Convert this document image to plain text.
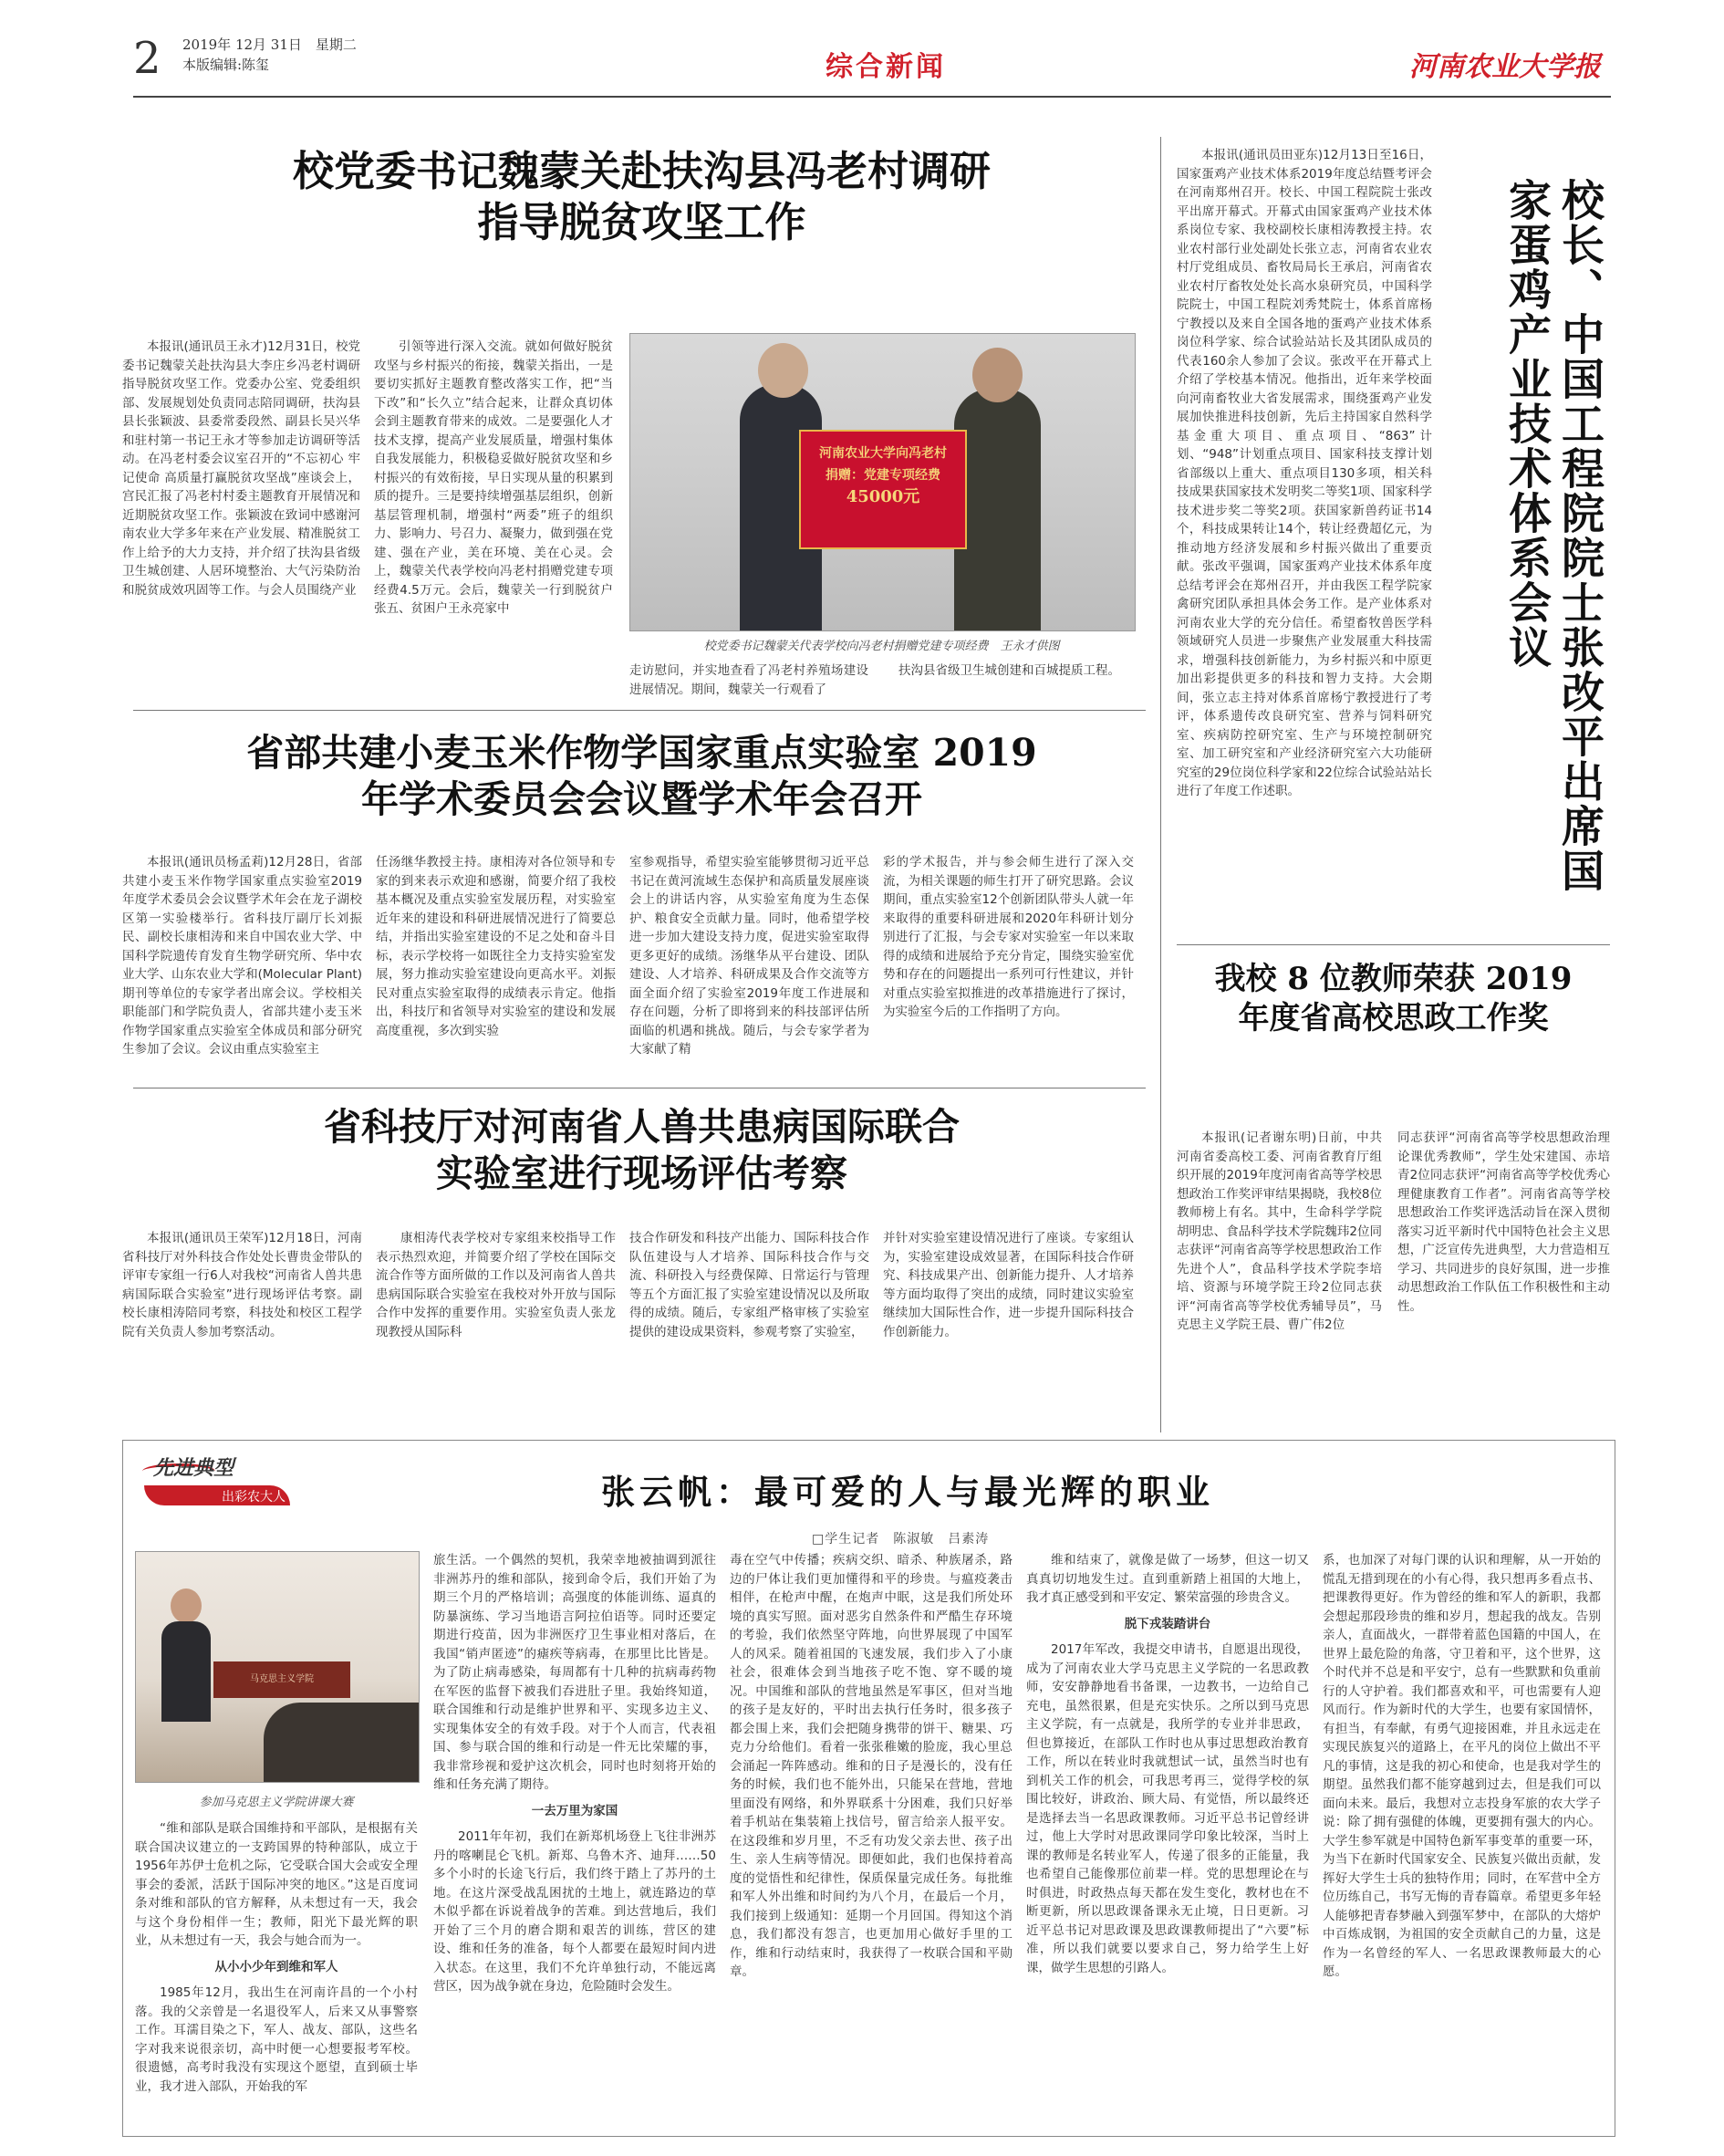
2 2019年 12月 31日　星期二
本版编辑:陈玺	综合新闻	河南农业大学报
校党委书记魏蒙关赴扶沟县冯老村调研
指导脱贫攻坚工作

本报讯(通讯员王永才)12月31日，校党委书记魏蒙关赴扶沟县大李庄乡冯老村调研指导脱贫攻坚工作。党委办公室、党委组织部、发展规划处负责同志陪同调研，扶沟县县长张颖波、县委常委段然、副县长吴兴华和驻村第一书记王永才等参加走访调研等活动。在冯老村委会议室召开的“不忘初心 牢记使命 高质量打赢脱贫攻坚战”座谈会上，宫民汇报了冯老村村委主题教育开展情况和近期脱贫攻坚工作。张颖波在致词中感谢河南农业大学多年来在产业发展、精准脱贫工作上给予的大力支持，并介绍了扶沟县省级卫生城创建、人居环境整治、大气污染防治和脱贫成效巩固等工作。与会人员围绕产业

引领等进行深入交流。就如何做好脱贫攻坚与乡村振兴的衔接，魏蒙关指出，一是要切实抓好主题教育整改落实工作，把“当下改”和“长久立”结合起来，让群众真切体会到主题教育带来的成效。二是要强化人才技术支撑，提高产业发展质量，增强村集体自我发展能力，积极稳妥做好脱贫攻坚和乡村振兴的有效衔接，早日实现从量的积累到质的提升。三是要持续增强基层组织，创新基层管理机制，增强村“两委”班子的组织力、影响力、号召力、凝聚力，做到强在党建、强在产业，美在环境、美在心灵。会上，魏蒙关代表学校向冯老村捐赠党建专项经费4.5万元。会后，魏蒙关一行到脱贫户张五、贫困户王永亮家中

河南农业大学向冯老村
捐赠：党建专项经费
45000元
校党委书记魏蒙关代表学校向冯老村捐赠党建专项经费　王永才供图

走访慰问，并实地查看了冯老村养殖场建设进展情况。期间，魏蒙关一行观看了

扶沟县省级卫生城创建和百城提质工程。

省部共建小麦玉米作物学国家重点实验室 2019
年学术委员会会议暨学术年会召开

本报讯(通讯员杨孟莉)12月28日，省部共建小麦玉米作物学国家重点实验室2019年度学术委员会会议暨学术年会在龙子湖校区第一实验楼举行。省科技厅副厅长刘振民、副校长康相涛和来自中国农业大学、中国科学院遗传育发育生物学研究所、华中农业大学、山东农业大学和(Molecular Plant)期刊等单位的专家学者出席会议。学校相关职能部门和学院负责人，省部共建小麦玉米作物学国家重点实验室全体成员和部分研究生参加了会议。会议由重点实验室主

任汤继华教授主持。康相涛对各位领导和专家的到来表示欢迎和感谢，简要介绍了我校基本概况及重点实验室发展历程，对实验室近年来的建设和科研进展情况进行了简要总结，并指出实验室建设的不足之处和奋斗目标，表示学校将一如既往全力支持实验室发展，努力推动实验室建设向更高水平。刘振民对重点实验室取得的成绩表示肯定。他指出，科技厅和省领导对实验室的建设和发展高度重视，多次到实验

室参观指导，希望实验室能够贯彻习近平总书记在黄河流域生态保护和高质量发展座谈会上的讲话内容，从实验室角度为生态保护、粮食安全贡献力量。同时，他希望学校进一步加大建设支持力度，促进实验室取得更多更好的成绩。汤继华从平台建设、团队建设、人才培养、科研成果及合作交流等方面全面介绍了实验室2019年度工作进展和存在问题，分析了即将到来的科技部评估所面临的机遇和挑战。随后，与会专家学者为大家献了精

彩的学术报告，并与参会师生进行了深入交流，为相关课题的师生打开了研究思路。会议期间，重点实验室12个创新团队带头人就一年来取得的重要科研进展和2020年科研计划分别进行了汇报，与会专家对实验室一年以来取得的成绩和进展给予充分肯定，围绕实验室优势和存在的问题提出一系列可行性建议，并针对重点实验室拟推进的改革措施进行了探讨，为实验室今后的工作指明了方向。

省科技厅对河南省人兽共患病国际联合
实验室进行现场评估考察

本报讯(通讯员王荣军)12月18日，河南省科技厅对外科技合作处处长曹贵金带队的评审专家组一行6人对我校“河南省人兽共患病国际联合实验室”进行现场评估考察。副校长康相涛陪同考察，科技处和校区工程学院有关负责人参加考察活动。

康相涛代表学校对专家组来校指导工作表示热烈欢迎，并简要介绍了学校在国际交流合作等方面所做的工作以及河南省人兽共患病国际联合实验室在我校对外开放与国际合作中发挥的重要作用。实验室负责人张龙现教授从国际科

技合作研发和科技产出能力、国际科技合作队伍建设与人才培养、国际科技合作与交流、科研投入与经费保障、日常运行与管理等五个方面汇报了实验室建设情况以及所取得的成绩。随后，专家组严格审核了实验室提供的建设成果资料，参观考察了实验室，

并针对实验室建设情况进行了座谈。专家组认为，实验室建设成效显著，在国际科技合作研究、科技成果产出、创新能力提升、人才培养等方面均取得了突出的成绩，同时建议实验室继续加大国际性合作，进一步提升国际科技合作创新能力。

本报讯(通讯员田亚东)12月13日至16日，国家蛋鸡产业技术体系2019年度总结暨考评会在河南郑州召开。校长、中国工程院院士张改平出席开幕式。开幕式由国家蛋鸡产业技术体系岗位专家、我校副校长康相涛教授主持。农业农村部行业处副处长张立志，河南省农业农村厅党组成员、畜牧局局长王承启，河南省农业农村厅畜牧处处长高水泉研究员，中国科学院院士，中国工程院刘秀梵院士，体系首席杨宁教授以及来自全国各地的蛋鸡产业技术体系岗位科学家、综合试验站站长及其团队成员的代表160余人参加了会议。张改平在开幕式上介绍了学校基本情况。他指出，近年来学校面向河南畜牧业大省发展需求，围绕蛋鸡产业发展加快推进科技创新，先后主持国家自然科学基金重大项目、重点项目、“863”计划、“948”计划重点项目、国家科技支撑计划省部级以上重大、重点项目130多项，相关科技成果获国家技术发明奖二等奖1项、国家科学技术进步奖二等奖2项。获国家新兽药证书14个，科技成果转让14个，转让经费超亿元，为推动地方经济发展和乡村振兴做出了重要贡献。张改平强调，国家蛋鸡产业技术体系年度总结考评会在郑州召开，并由我医工程学院家禽研究团队承担具体会务工作。是产业体系对河南农业大学的充分信任。希望畜牧兽医学科领域研究人员进一步聚焦产业发展重大科技需求，增强科技创新能力，为乡村振兴和中原更加出彩提供更多的科技和智力支持。大会期间，张立志主持对体系首席杨宁教授进行了考评，体系遗传改良研究室、营养与饲料研究室、疾病防控研究室、生产与环境控制研究室、加工研究室和产业经济研究室六大功能研究室的29位岗位科学家和22位综合试验站站长进行了年度工作述职。	校长、中国工程院院士张改平出席国家蛋鸡产业技术体系会议
我校 8 位教师荣获 2019
年度省高校思政工作奖

本报讯(记者谢东明)日前，中共河南省委高校工委、河南省教育厅组织开展的2019年度河南省高等学校思想政治工作奖评审结果揭晓，我校8位教师榜上有名。其中，生命科学学院胡明忠、食品科学技术学院魏玮2位同志获评“河南省高等学校思想政治工作先进个人”，食品科学技术学院李培培、资源与环境学院王玲2位同志获评“河南省高等学校优秀辅导员”，马克思主义学院王晨、曹广伟2位

同志获评“河南省高等学校思想政治理论课优秀教师”，学生处宋建国、赤培青2位同志获评“河南省高等学校优秀心理健康教育工作者”。河南省高等学校思想政治工作奖评选活动旨在深入贯彻落实习近平新时代中国特色社会主义思想，广泛宣传先进典型，大力营造相互学习、共同进步的良好氛围，进一步推动思想政治工作队伍工作积极性和主动性。

先进典型
出彩农大人	张云帆：最可爱的人与最光辉的职业
□学生记者　陈淑敏　吕素涛
马克思主义学院
参加马克思主义学院讲课大赛

“维和部队是联合国维持和平部队，是根据有关联合国决议建立的一支跨国界的特种部队，成立于1956年苏伊士危机之际，它受联合国大会或安全理事会的委派，活跃于国际冲突的地区。”这是百度词条对维和部队的官方解释，从未想过有一天，我会与这个身份相伴一生；教师，阳光下最光辉的职业，从未想过有一天，我会与她合而为一。

从小小少年到维和军人

1985年12月，我出生在河南许昌的一个小村落。我的父亲曾是一名退役军人，后来又从事警察工作。耳濡目染之下，军人、战友、部队，这些名字对我来说很亲切，高中时便一心想要报考军校。很遗憾，高考时我没有实现这个愿望，直到硕士毕业，我才进入部队，开始我的军

旅生活。一个偶然的契机，我荣幸地被抽调到派往非洲苏丹的维和部队，接到命令后，我们开始了为期三个月的严格培训；高强度的体能训练、逼真的防暴演练、学习当地语言阿拉伯语等。同时还要定期进行疫苗，因为非洲医疗卫生事业相对落后，在我国“销声匿迹”的瘧疾等病毒，在那里比比皆是。为了防止病毒感染，每周都有十几种的抗病毒药物在军医的监督下被我们吞进肚子里。我始终知道，联合国维和行动是维护世界和平、实现多边主义、实现集体安全的有效手段。对于个人而言，代表祖国、参与联合国的维和行动是一件无比荣耀的事，我非常珍视和爱护这次机会，同时也时刻将开始的维和任务充满了期待。

一去万里为家国

2011年年初，我们在新郑机场登上飞往非洲苏丹的喀喇昆仑飞机。新郑、乌鲁木齐、迪拜……50多个小时的长途飞行后，我们终于踏上了苏丹的土地。在这片深受战乱困扰的土地上，就连路边的草木似乎都在诉说着战争的苦难。到达营地后，我们开始了三个月的磨合期和艰苦的训练，营区的建设、维和任务的准备，每个人都要在最短时间内进入状态。在这里，我们不允许单独行动，不能远离营区，因为战争就在身边，危险随时会发生。

毒在空气中传播；疾病交织、暗杀、种族屠杀，路边的尸体让我们更加懂得和平的珍贵。与瘟疫袭击相伴，在枪声中醒，在炮声中眠，这是我们所处环境的真实写照。面对恶劣自然条件和严酷生存环境的考验，我们依然坚守阵地，向世界展现了中国军人的风采。随着祖国的飞速发展，我们步入了小康社会，很难体会到当地孩子吃不饱、穿不暖的境况。中国维和部队的营地虽然是军事区，但对当地的孩子是友好的，平时出去执行任务时，很多孩子都会围上来，我们会把随身携带的饼干、糖果、巧克力分给他们。看着一张张稚嫩的脸庞，我心里总会涌起一阵阵感动。维和的日子是漫长的，没有任务的时候，我们也不能外出，只能呆在营地，营地里面没有网络，和外界联系十分困难，我们只好举着手机站在集装箱上找信号，留言给亲人报平安。在这段维和岁月里，不乏有功发父亲去世、孩子出生、亲人生病等情况。即便如此，我们也保持着高度的觉悟性和纪律性，保质保量完成任务。每批维和军人外出维和时间约为八个月，在最后一个月，我们接到上级通知：延期一个月回国。得知这个消息，我们都没有怨言，也更加用心做好手里的工作，维和行动结束时，我获得了一枚联合国和平勋章。

维和结束了，就像是做了一场梦，但这一切又真真切切地发生过。直到重新踏上祖国的大地上，我才真正感受到和平安定、繁荣富强的珍贵含义。

脱下戎装踏讲台

2017年军改，我提交申请书，自愿退出现役，成为了河南农业大学马克思主义学院的一名思政教师，安安静静地看书备课，一边教书，一边给自己充电，虽然很累，但是充实快乐。之所以到马克思主义学院，有一点就是，我所学的专业并非思政，但也算接近，在部队工作时也从事过思想政治教育工作，所以在转业时我就想试一试，虽然当时也有到机关工作的机会，可我思考再三，觉得学校的氛围比较好，讲政治、顾大局、有觉悟，所以最终还是选择去当一名思政课教师。习近平总书记曾经讲过，他上大学时对思政课同学印象比较深，当时上课的教师是名转业军人，传递了很多的正能量，我也希望自己能像那位前辈一样。党的思想理论在与时俱进，时政热点每天都在发生变化，教材也在不断更新，所以思政课备课永无止境，日日更新。习近平总书记对思政课及思政课教师提出了“六要”标准，所以我们就要以要求自己，努力给学生上好课，做学生思想的引路人。

系，也加深了对每门课的认识和理解，从一开始的慌乱无措到现在的小有心得，我只想再多看点书、把课教得更好。作为曾经的维和军人的新职，我都会想起那段珍贵的维和岁月，想起我的战友。告别亲人，直面战火，一群带着蓝色国籍的中国人，在世界上最危险的角落，守卫着和平，这个世界，这个时代并不总是和平安宁，总有一些默默和负重前行的人守护着。我们都喜欢和平，可也需要有人迎风而行。作为新时代的大学生，也要有家国情怀，有担当，有奉献，有勇气迎接困难，并且永远走在实现民族复兴的道路上，在平凡的岗位上做出不平凡的事情，这是我的初心和使命，也是我对学生的期望。虽然我们都不能穿越到过去，但是我们可以面向未来。最后，我想对立志投身军旅的农大学子说：除了拥有强健的体魄，更要拥有强大的内心。大学生参军就是中国特色新军事变革的重要一环，为当下在新时代国家安全、民族复兴做出贡献，发挥好大学生士兵的独特作用；同时，在军营中全方位历练自己，书写无悔的青春篇章。希望更多年轻人能够把青春梦融入到强军梦中，在部队的大熔炉中百炼成钢，为祖国的安全贡献自己的力量，这是作为一名曾经的军人、一名思政课教师最大的心愿。
